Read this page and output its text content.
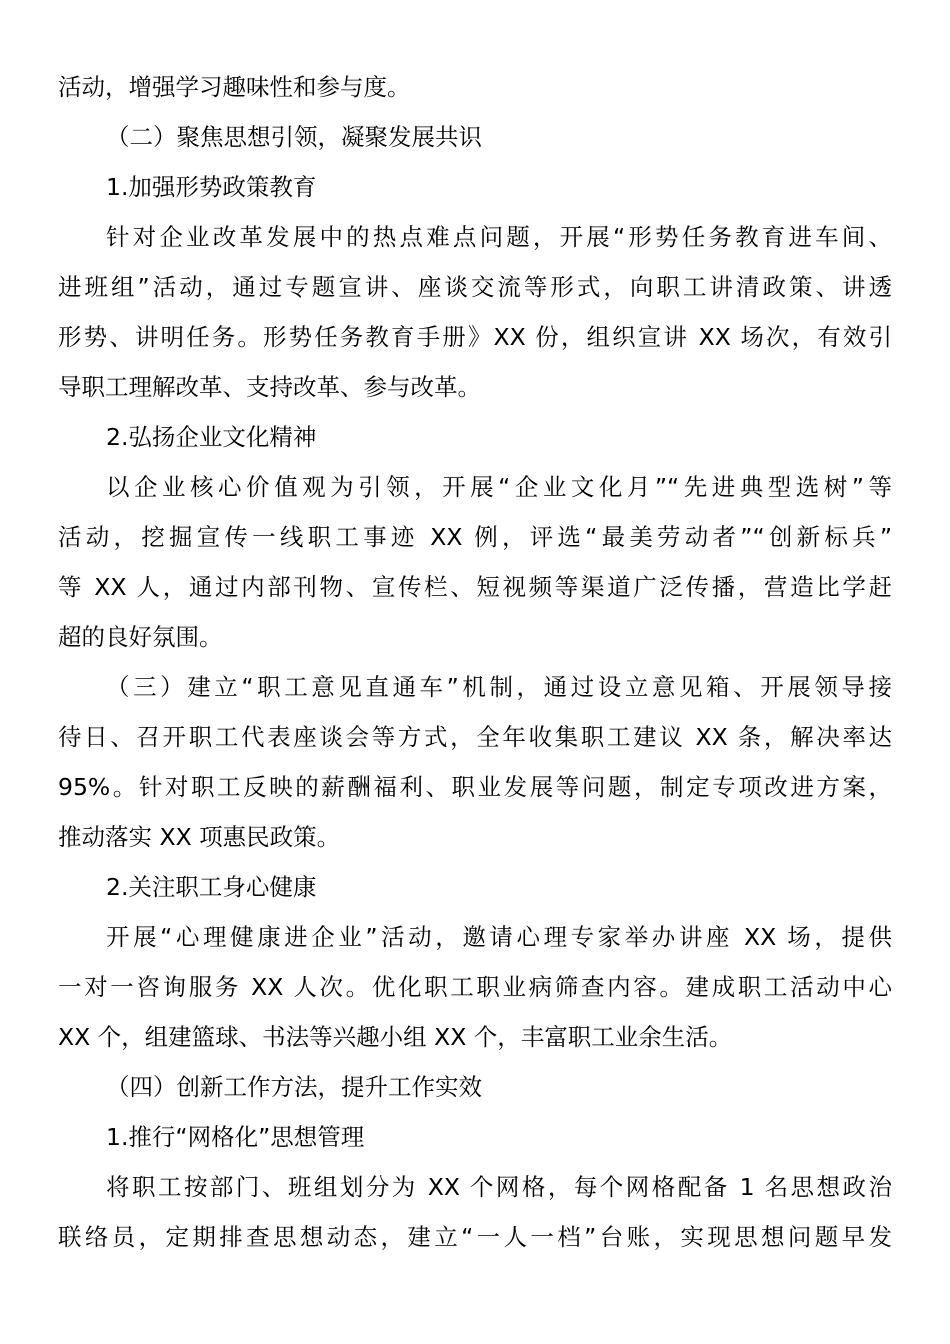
活动，增强学习趣味性和参与度。
（二）聚焦思想引领，凝聚发展共识
1.加强形势政策教育
针对企业改革发展中的热点难点问题，开展“形势任务教育进车间、
进班组”活动，通过专题宣讲、座谈交流等形式，向职工讲清政策、讲透
形势、讲明任务。形势任务教育手册》XX 份，组织宣讲 XX 场次，有效引
导职工理解改革、支持改革、参与改革。
2.弘扬企业文化精神
以企业核心价值观为引领，开展“企业文化月”“先进典型选树”等
活动，挖掘宣传一线职工事迹 XX 例，评选“最美劳动者”“创新标兵”
等 XX 人，通过内部刊物、宣传栏、短视频等渠道广泛传播，营造比学赶
超的良好氛围。
（三）建立“职工意见直通车”机制，通过设立意见箱、开展领导接
待日、召开职工代表座谈会等方式，全年收集职工建议 XX 条，解决率达
95%。针对职工反映的薪酬福利、职业发展等问题，制定专项改进方案，
推动落实 XX 项惠民政策。
2.关注职工身心健康
开展“心理健康进企业”活动，邀请心理专家举办讲座 XX 场，提供
一对一咨询服务 XX 人次。优化职工职业病筛查内容。建成职工活动中心
XX 个，组建篮球、书法等兴趣小组 XX 个，丰富职工业余生活。
（四）创新工作方法，提升工作实效
1.推行“网格化”思想管理
将职工按部门、班组划分为 XX 个网格，每个网格配备 1 名思想政治
联络员，定期排查思想动态，建立“一人一档”台账，实现思想问题早发
